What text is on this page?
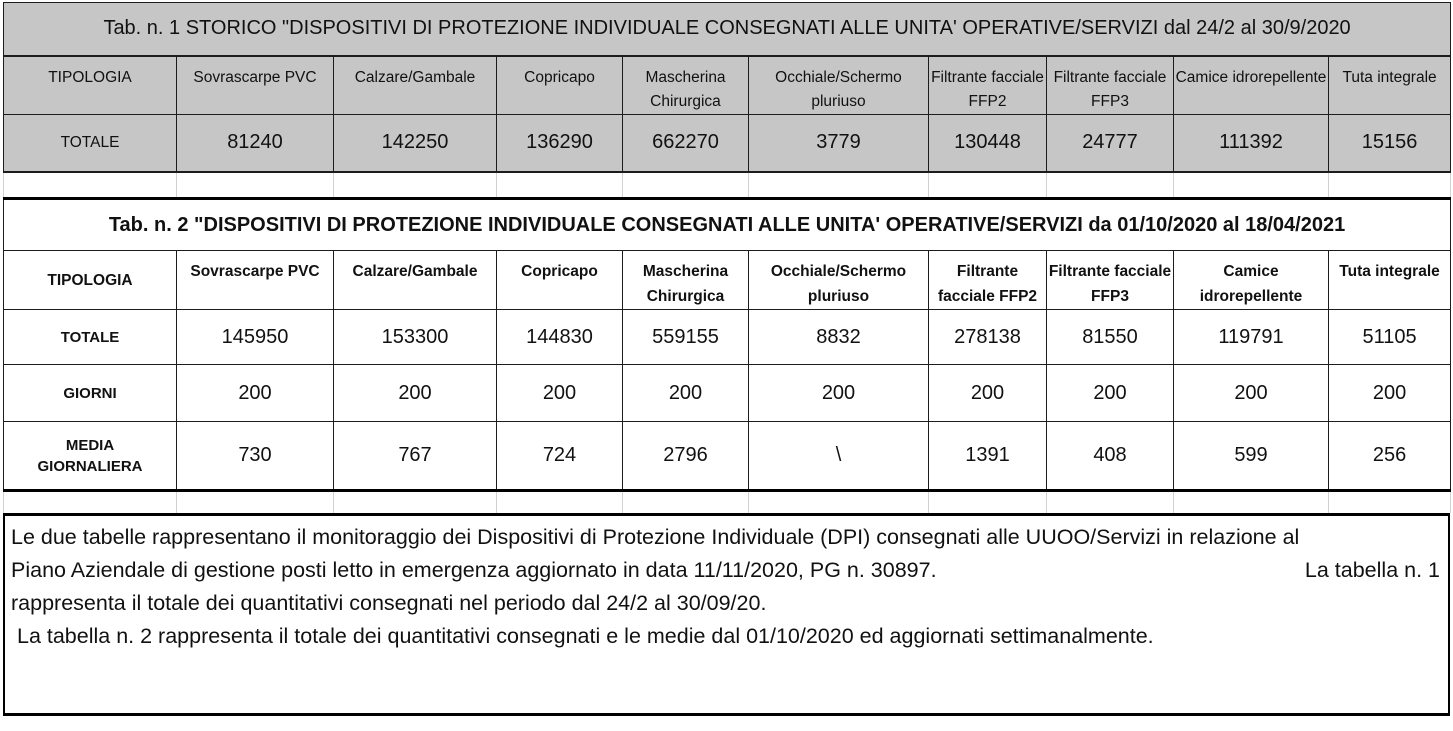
Tab. n. 1 STORICO "DISPOSITIVI DI PROTEZIONE INDIVIDUALE CONSEGNATI ALLE UNITA' OPERATIVE/SERVIZI dal 24/2 al 30/9/2020									
TIPOLOGIA	Sovrascarpe PVC	Calzare/Gambale	Copricapo	Mascherina Chirurgica	Occhiale/Schermo pluriuso	Filtrante facciale FFP2	Filtrante facciale FFP3	Camice idrorepellente	Tuta integrale
TOTALE	81240	142250	136290	662270	3779	130448	24777	111392	15156

Tab. n. 2 "DISPOSITIVI DI PROTEZIONE INDIVIDUALE CONSEGNATI ALLE UNITA' OPERATIVE/SERVIZI da 01/10/2020 al 18/04/2021									
TIPOLOGIA	Sovrascarpe PVC	Calzare/Gambale	Copricapo	Mascherina Chirurgica	Occhiale/Schermo pluriuso	Filtrante facciale FFP2	Filtrante facciale FFP3	Camice idrorepellente	Tuta integrale
TOTALE	145950	153300	144830	559155	8832	278138	81550	119791	51105
GIORNI	200	200	200	200	200	200	200	200	200
MEDIA GIORNALIERA	730	767	724	2796	\	1391	408	599	256

Le due tabelle rappresentano il monitoraggio dei Dispositivi di Protezione Individuale (DPI) consegnati alle UUOO/Servizi in relazione al
Piano Aziendale di gestione posti letto in emergenza aggiornato in data 11/11/2020, PG n. 30897.	La tabella n. 1
rappresenta il totale dei quantitativi consegnati nel periodo dal 24/2 al 30/09/20.
La tabella n. 2 rappresenta il totale dei quantitativi consegnati e le medie dal 01/10/2020 ed aggiornati settimanalmente.
